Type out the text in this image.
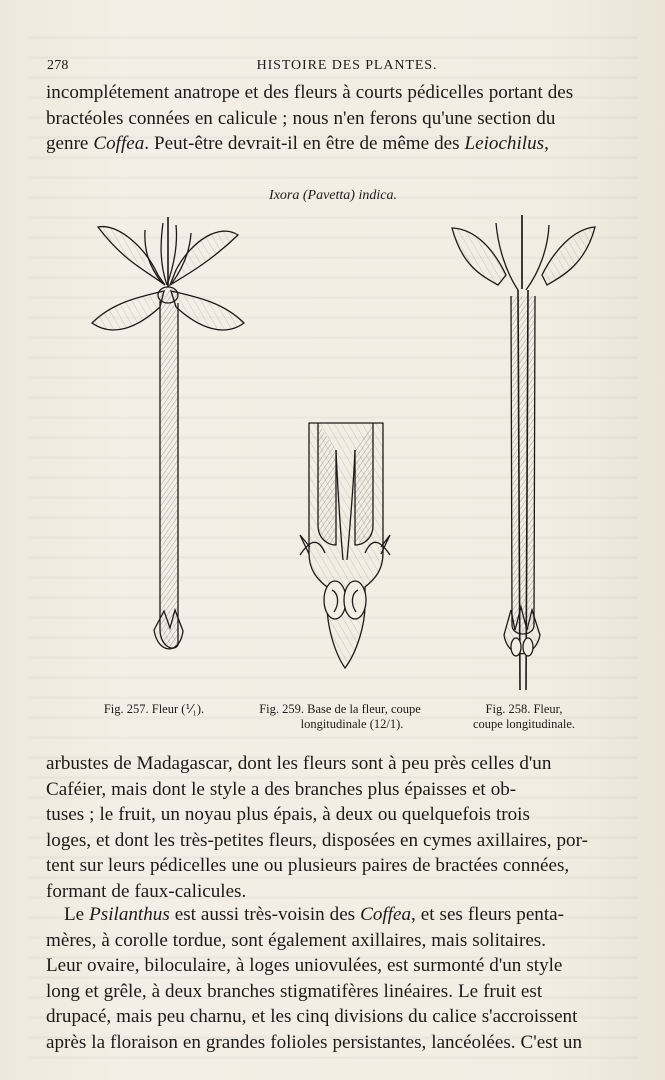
278	HISTOIRE DES PLANTES.

incomplétement anatrope et des fleurs à courts pédicelles portant des
bractéoles connées en calicule ; nous n'en ferons qu'une section du
genre Coffea. Peut-être devrait-il en être de même des Leiochilus,

Ixora (Pavetta) indica.
Fig. 257. Fleur (⅟₁).	Fig. 259. Base de la fleur, coupe
longitudinale (12/1).
Fig. 258. Fleur,
coupe longitudinale.

arbustes de Madagascar, dont les fleurs sont à peu près celles d'un
Caféier, mais dont le style a des branches plus épaisses et ob-
tuses ; le fruit, un noyau plus épais, à deux ou quelquefois trois
loges, et dont les très-petites fleurs, disposées en cymes axillaires, por-
tent sur leurs pédicelles une ou plusieurs paires de bractées connées,
formant de faux-calicules.

Le Psilanthus est aussi très-voisin des Coffea, et ses fleurs penta-
mères, à corolle tordue, sont également axillaires, mais solitaires.
Leur ovaire, biloculaire, à loges uniovulées, est surmonté d'un style
long et grêle, à deux branches stigmatifères linéaires. Le fruit est
drupacé, mais peu charnu, et les cinq divisions du calice s'accroissent
après la floraison en grandes folioles persistantes, lancéolées. C'est un
